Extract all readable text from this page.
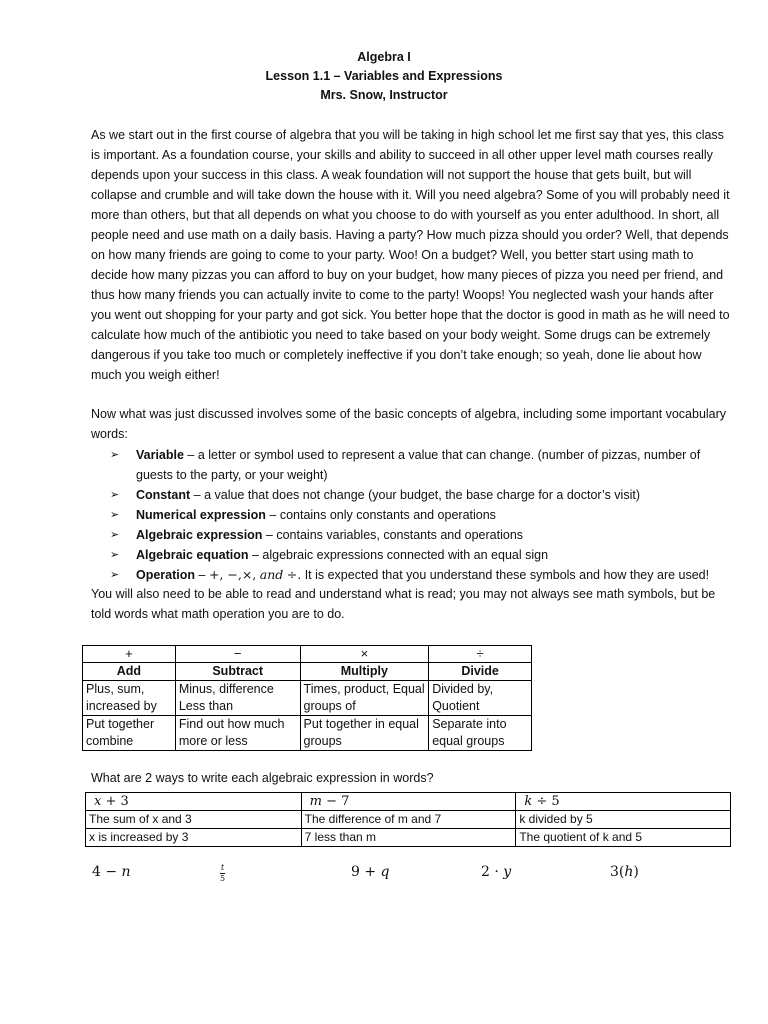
Algebra I
Lesson 1.1 – Variables and Expressions
Mrs. Snow, Instructor
As we start out in the first course of algebra that you will be taking in high school let me first say that yes, this class is important. As a foundation course, your skills and ability to succeed in all other upper level math courses really depends upon your success in this class. A weak foundation will not support the house that gets built, but will collapse and crumble and will take down the house with it. Will you need algebra? Some of you will probably need it more than others, but that all depends on what you choose to do with yourself as you enter adulthood. In short, all people need and use math on a daily basis. Having a party? How much pizza should you order? Well, that depends on how many friends are going to come to your party. Woo! On a budget? Well, you better start using math to decide how many pizzas you can afford to buy on your budget, how many pieces of pizza you need per friend, and thus how many friends you can actually invite to come to the party! Woops! You neglected wash your hands after you went out shopping for your party and got sick. You better hope that the doctor is good in math as he will need to calculate how much of the antibiotic you need to take based on your body weight. Some drugs can be extremely dangerous if you take too much or completely ineffective if you don’t take enough; so yeah, done lie about how much you weigh either!
Now what was just discussed involves some of the basic concepts of algebra, including some important vocabulary words:
➢ Variable – a letter or symbol used to represent a value that can change. (number of pizzas, number of guests to the party, or your weight)
➢ Constant – a value that does not change (your budget, the base charge for a doctor’s visit)
➢ Numerical expression – contains only constants and operations
➢ Algebraic expression – contains variables, constants and operations
➢ Algebraic equation – algebraic expressions connected with an equal sign
➢ Operation – +, −,×, and ÷. It is expected that you understand these symbols and how they are used!
You will also need to be able to read and understand what is read; you may not always see math symbols, but be told words what math operation you are to do.
+	−	×	÷
Add	Subtract	Multiply	Divide
Plus, sum, increased by	Minus, difference Less than	Times, product, Equal groups of	Divided by, Quotient
Put together combine	Find out how much more or less	Put together in equal groups	Separate into equal groups
What are 2 ways to write each algebraic expression in words?
𝑥 + 3	𝑚 − 7	𝑘 ÷ 5
The sum of x and 3	The difference of m and 7	k divided by 5
x is increased by 3	7 less than m	The quotient of k and 5
4 − 𝑛	𝑡
5	9 + 𝑞	2 · 𝑦	3(ℎ)
